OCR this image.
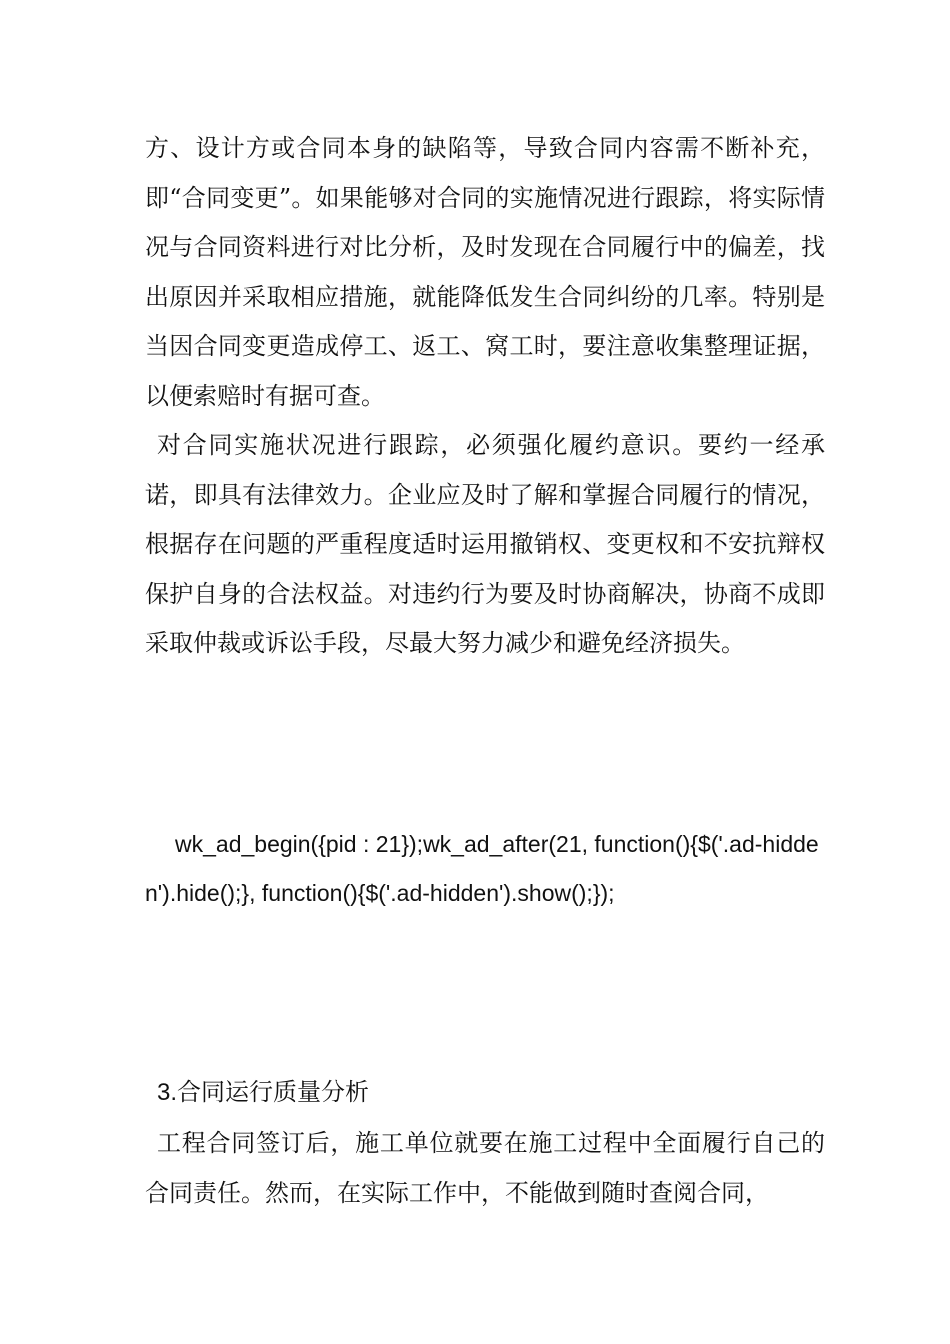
方、设计方或合同本身的缺陷等，导致合同内容需不断补充，即“合同变更”。如果能够对合同的实施情况进行跟踪，将实际情况与合同资料进行对比分析，及时发现在合同履行中的偏差，找出原因并采取相应措施，就能降低发生合同纠纷的几率。特别是当因合同变更造成停工、返工、窝工时，要注意收集整理证据，以便索赔时有据可查。

对合同实施状况进行跟踪，必须强化履约意识。要约一经承诺，即具有法律效力。企业应及时了解和掌握合同履行的情况，根据存在问题的严重程度适时运用撤销权、变更权和不安抗辩权保护自身的合法权益。对违约行为要及时协商解决，协商不成即采取仲裁或诉讼手段，尽最大努力减少和避免经济损失。

wk_ad_begin({pid : 21});wk_ad_after(21, function(){$('.ad-hidden').hide();}, function(){$('.ad-hidden').show();});

3.合同运行质量分析

工程合同签订后，施工单位就要在施工过程中全面履行自己的合同责任。然而，在实际工作中，不能做到随时查阅合同，
